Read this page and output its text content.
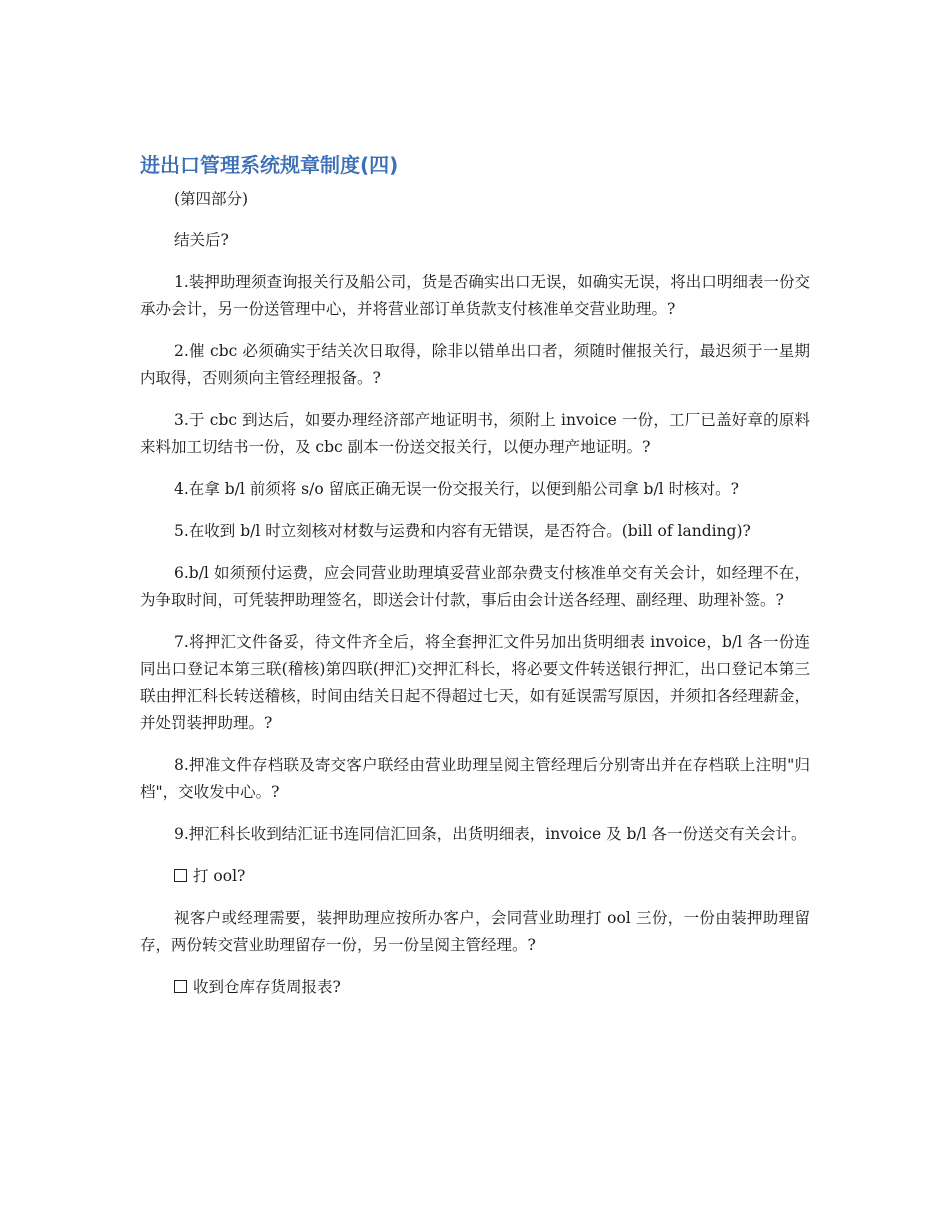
进出口管理系统规章制度(四)

(第四部分)

结关后?

1.装押助理须查询报关行及船公司，货是否确实出口无误，如确实无误，将出口明细表一份交承办会计，另一份送管理中心，并将营业部订单货款支付核准单交营业助理。?

2.催 cbc 必须确实于结关次日取得，除非以错单出口者，须随时催报关行，最迟须于一星期内取得，否则须向主管经理报备。?

3.于 cbc 到达后，如要办理经济部产地证明书，须附上 invoice 一份，工厂已盖好章的原料来料加工切结书一份，及 cbc 副本一份送交报关行，以便办理产地证明。?

4.在拿 b/l 前须将 s/o 留底正确无误一份交报关行，以便到船公司拿 b/l 时核对。?

5.在收到 b/l 时立刻核对材数与运费和内容有无错误，是否符合。(bill of landing)?

6.b/l 如须预付运费，应会同营业助理填妥营业部杂费支付核准单交有关会计，如经理不在，为争取时间，可凭装押助理签名，即送会计付款，事后由会计送各经理、副经理、助理补签。?

7.将押汇文件备妥，待文件齐全后，将全套押汇文件另加出货明细表 invoice，b/l 各一份连同出口登记本第三联(稽核)第四联(押汇)交押汇科长，将必要文件转送银行押汇，出口登记本第三联由押汇科长转送稽核，时间由结关日起不得超过七天，如有延误需写原因，并须扣各经理薪金，并处罚装押助理。?

8.押准文件存档联及寄交客户联经由营业助理呈阅主管经理后分别寄出并在存档联上注明"归档"，交收发中心。?

9.押汇科长收到结汇证书连同信汇回条，出货明细表，invoice 及 b/l 各一份送交有关会计。

打 ool?

视客户或经理需要，装押助理应按所办客户，会同营业助理打 ool 三份，一份由装押助理留存，两份转交营业助理留存一份，另一份呈阅主管经理。?

收到仓库存货周报表?
